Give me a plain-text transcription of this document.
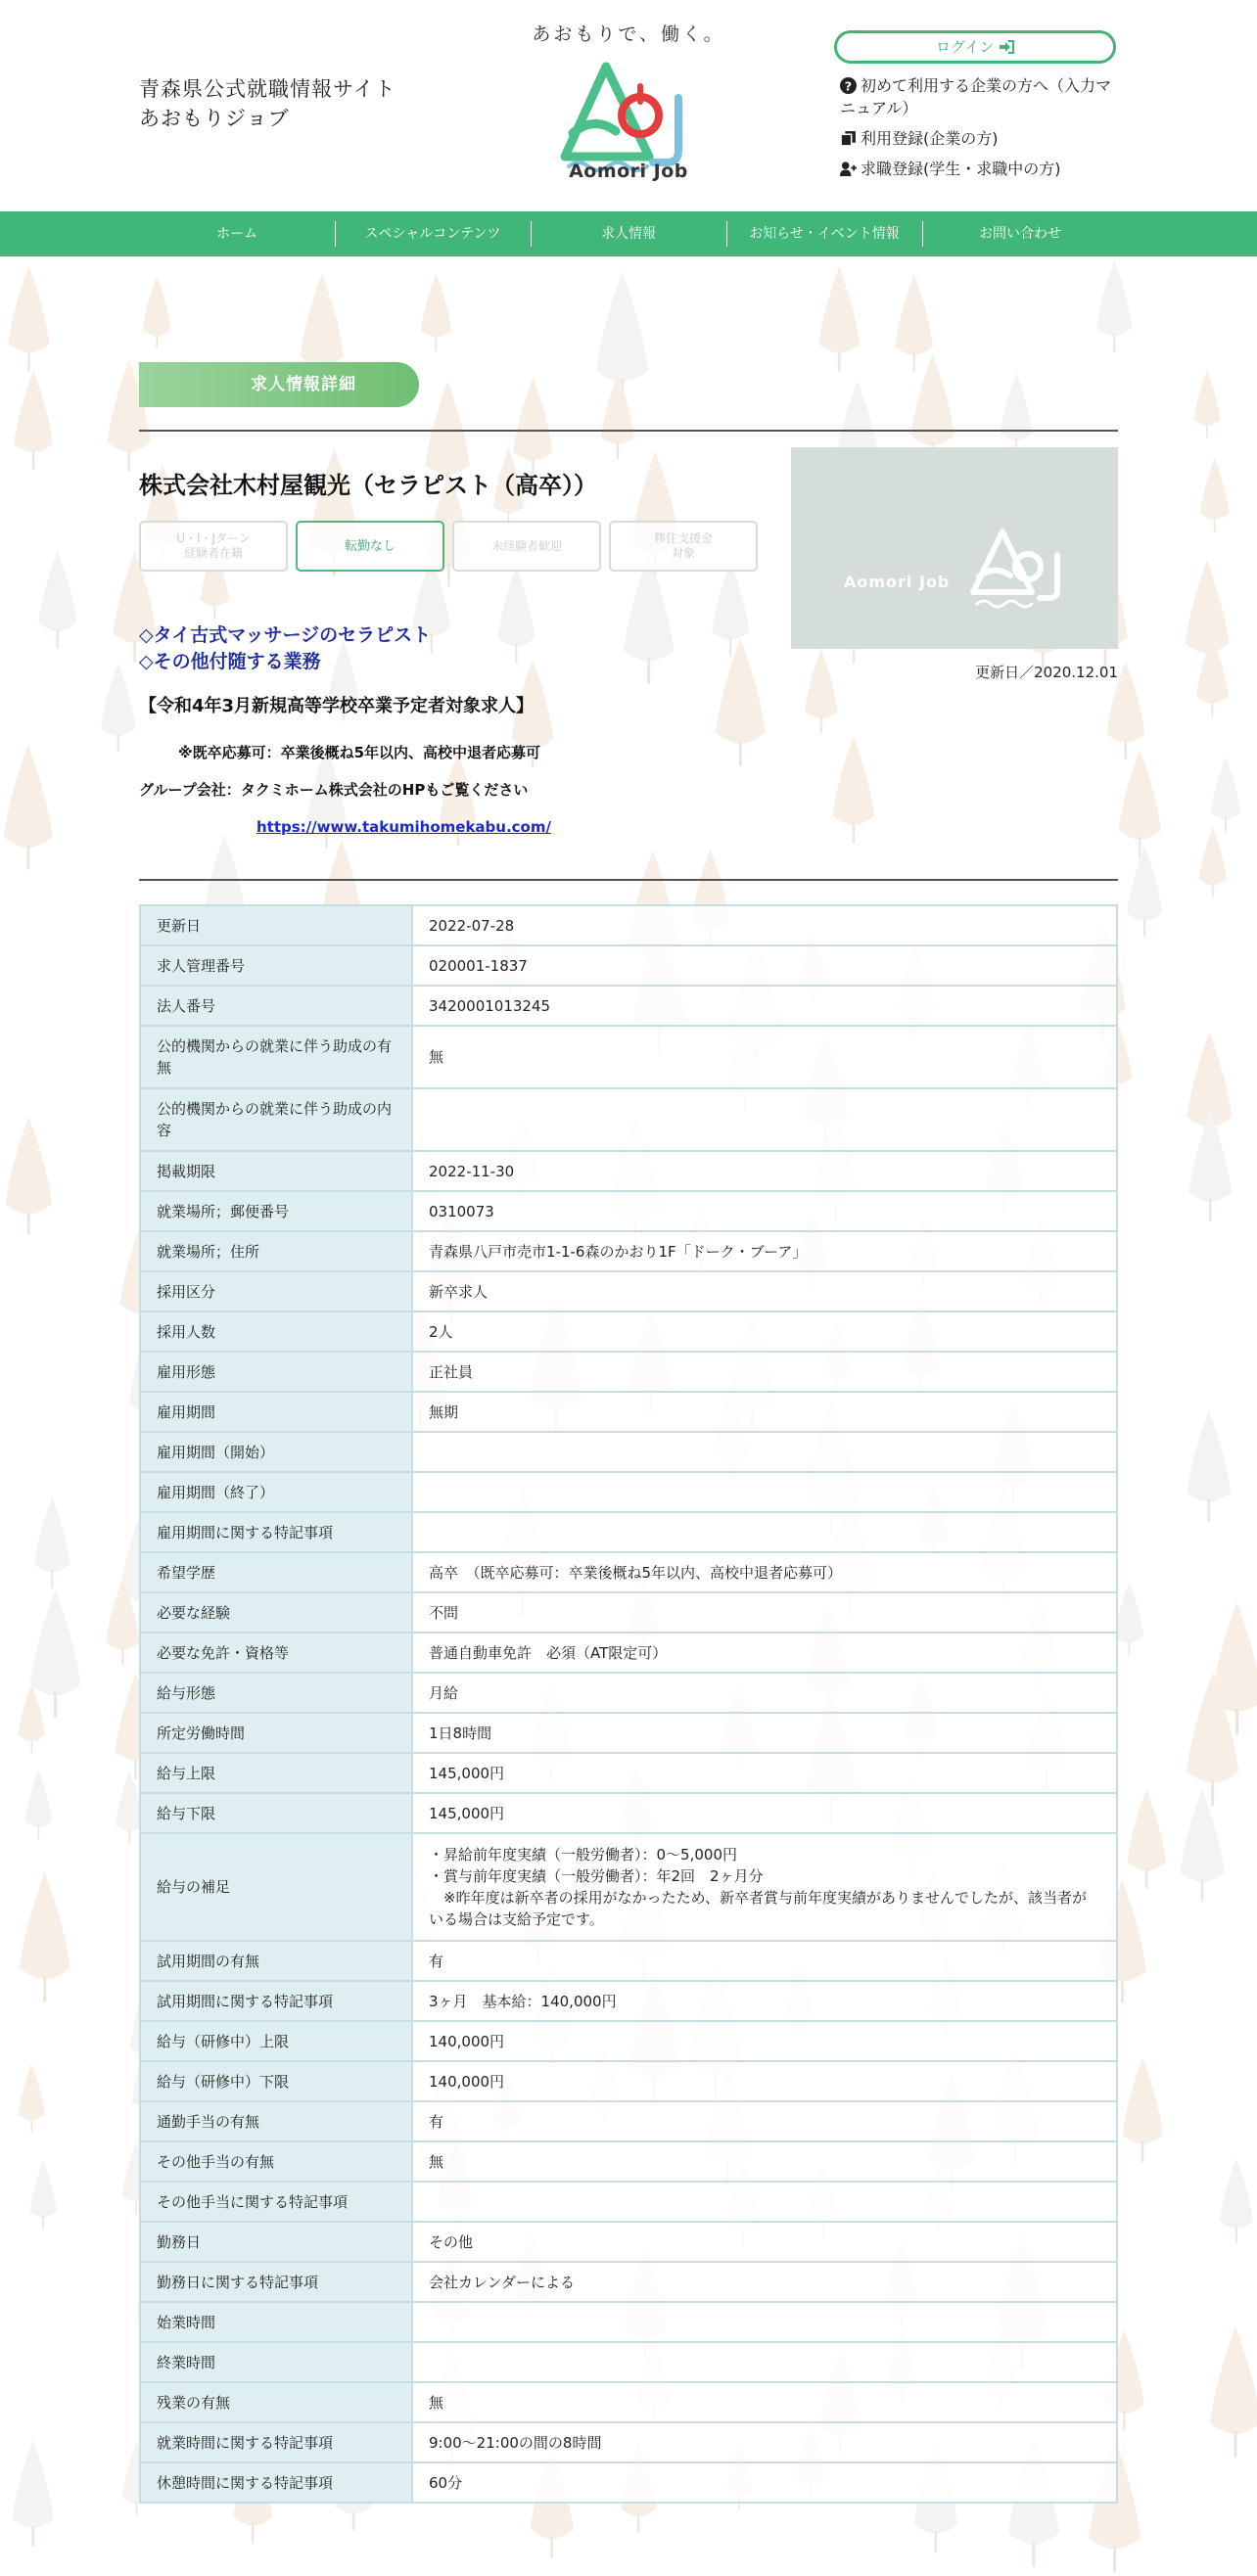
青森県公式就職情報サイト
あおもりジョブ
あおもりで、働く。
Aomori Job
ログイン
? 初めて利用する企業の方へ（入力マニュアル）
利用登録(企業の方)
求職登録(学生・求職中の方)
ホーム	スペシャルコンテンツ	求人情報	お知らせ・イベント情報	お問い合わせ
求人情報詳細
株式会社木村屋観光（セラピスト（高卒））
U・I・Jターン
経験者在籍	転勤なし	未経験者歓迎
移住支援金
対象
Aomori Job
更新日／2020.12.01
◇タイ古式マッサージのセラピスト
◇その他付随する業務
【令和4年3月新規高等学校卒業予定者対象求人】
※既卒応募可：卒業後概ね5年以内、高校中退者応募可
グループ会社：タクミホーム株式会社のHPもご覧ください
https://www.takumihomekabu.com/
更新日	2022-07-28
求人管理番号	020001-1837
法人番号	3420001013245
公的機関からの就業に伴う助成の有無	無
公的機関からの就業に伴う助成の内容	
掲載期限	2022-11-30
就業場所；郵便番号	0310073
就業場所；住所	青森県八戸市売市1-1-6森のかおり1F「ドーク・ブーア」
採用区分	新卒求人
採用人数	2人
雇用形態	正社員
雇用期間	無期
雇用期間（開始）	
雇用期間（終了）	
雇用期間に関する特記事項	
希望学歴	高卒　（既卒応募可：卒業後概ね5年以内、高校中退者応募可）
必要な経験	不問
必要な免許・資格等	普通自動車免許　必須（AT限定可）
給与形態	月給
所定労働時間	1日8時間
給与上限	145,000円
給与下限	145,000円
給与の補足	・昇給前年度実績（一般労働者）：0～5,000円
・賞与前年度実績（一般労働者）：年2回　2ヶ月分
　※昨年度は新卒者の採用がなかったため、新卒者賞与前年度実績がありませんでしたが、該当者がいる場合は支給予定です。
試用期間の有無	有
試用期間に関する特記事項	3ヶ月　基本給：140,000円
給与（研修中）上限	140,000円
給与（研修中）下限	140,000円
通勤手当の有無	有
その他手当の有無	無
その他手当に関する特記事項	
勤務日	その他
勤務日に関する特記事項	会社カレンダーによる
始業時間	
終業時間	
残業の有無	無
就業時間に関する特記事項	9:00～21:00の間の8時間
休憩時間に関する特記事項	60分
